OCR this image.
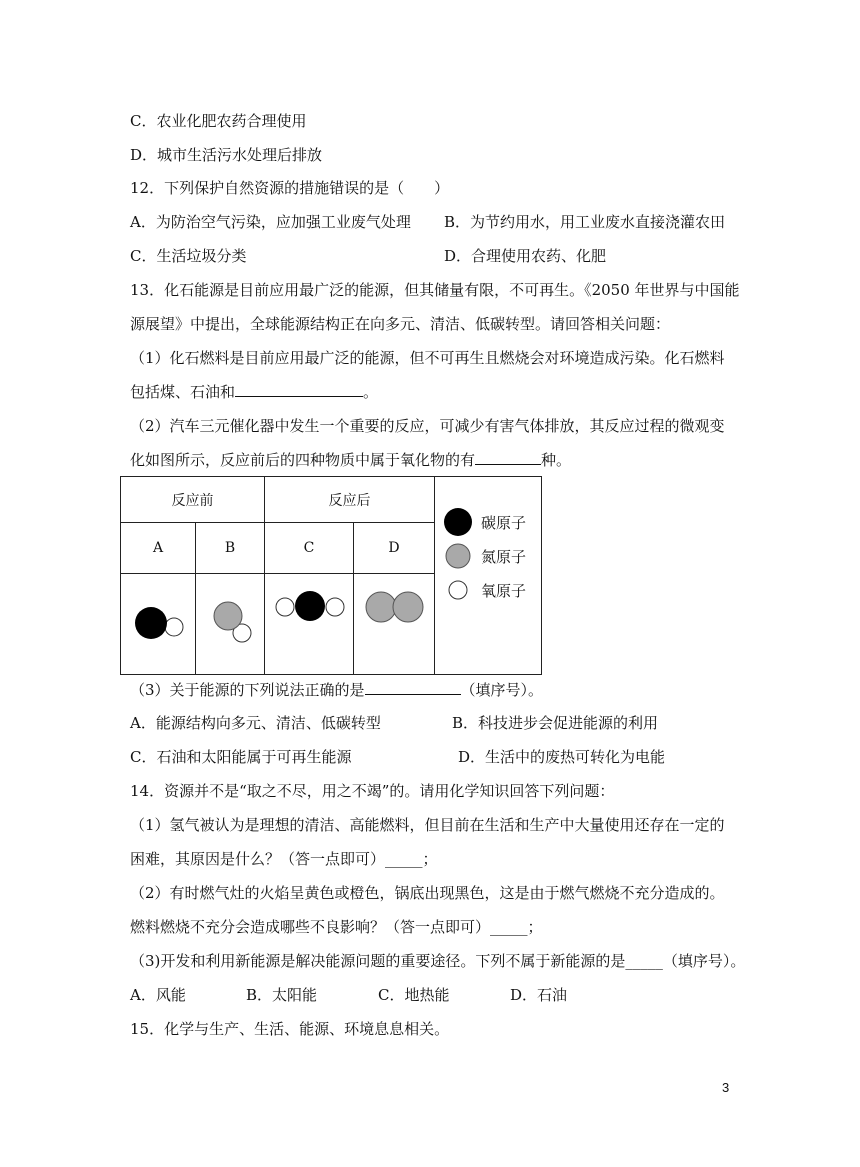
C．农业化肥农药合理使用
D．城市生活污水处理后排放
12．下列保护自然资源的措施错误的是（　　）
A．为防治空气污染，应加强工业废气处理 B．为节约用水，用工业废水直接浇灌农田
C．生活垃圾分类	D．合理使用农药、化肥
13．化石能源是目前应用最广泛的能源，但其储量有限，不可再生。《2050 年世界与中国能
源展望》中提出，全球能源结构正在向多元、清洁、低碳转型。请回答相关问题：
（1）化石燃料是目前应用最广泛的能源，但不可再生且燃烧会对环境造成污染。化石燃料
包括煤、石油和	。
（2）汽车三元催化器中发生一个重要的反应，可减少有害气体排放，其反应过程的微观变
化如图所示，反应前后的四种物质中属于氧化物的有	种。
反应前		反应后		碳原子
氮原子
氧原子

A	B	C	D	

（3）关于能源的下列说法正确的是	（填序号）。
A．能源结构向多元、清洁、低碳转型	B．科技进步会促进能源的利用
C．石油和太阳能属于可再生能源	D．生活中的废热可转化为电能
14．资源并不是“取之不尽，用之不竭”的。请用化学知识回答下列问题：
（1）氢气被认为是理想的清洁、高能燃料，但目前在生活和生产中大量使用还存在一定的
困难，其原因是什么？（答一点即可）_____；
（2）有时燃气灶的火焰呈黄色或橙色，锅底出现黑色，这是由于燃气燃烧不充分造成的。
燃料燃烧不充分会造成哪些不良影响？（答一点即可）_____；
（3)开发和利用新能源是解决能源问题的重要途径。下列不属于新能源的是_____（填序号）。
A．风能	B．太阳能	C．地热能	D．石油
15．化学与生产、生活、能源、环境息息相关。
3
